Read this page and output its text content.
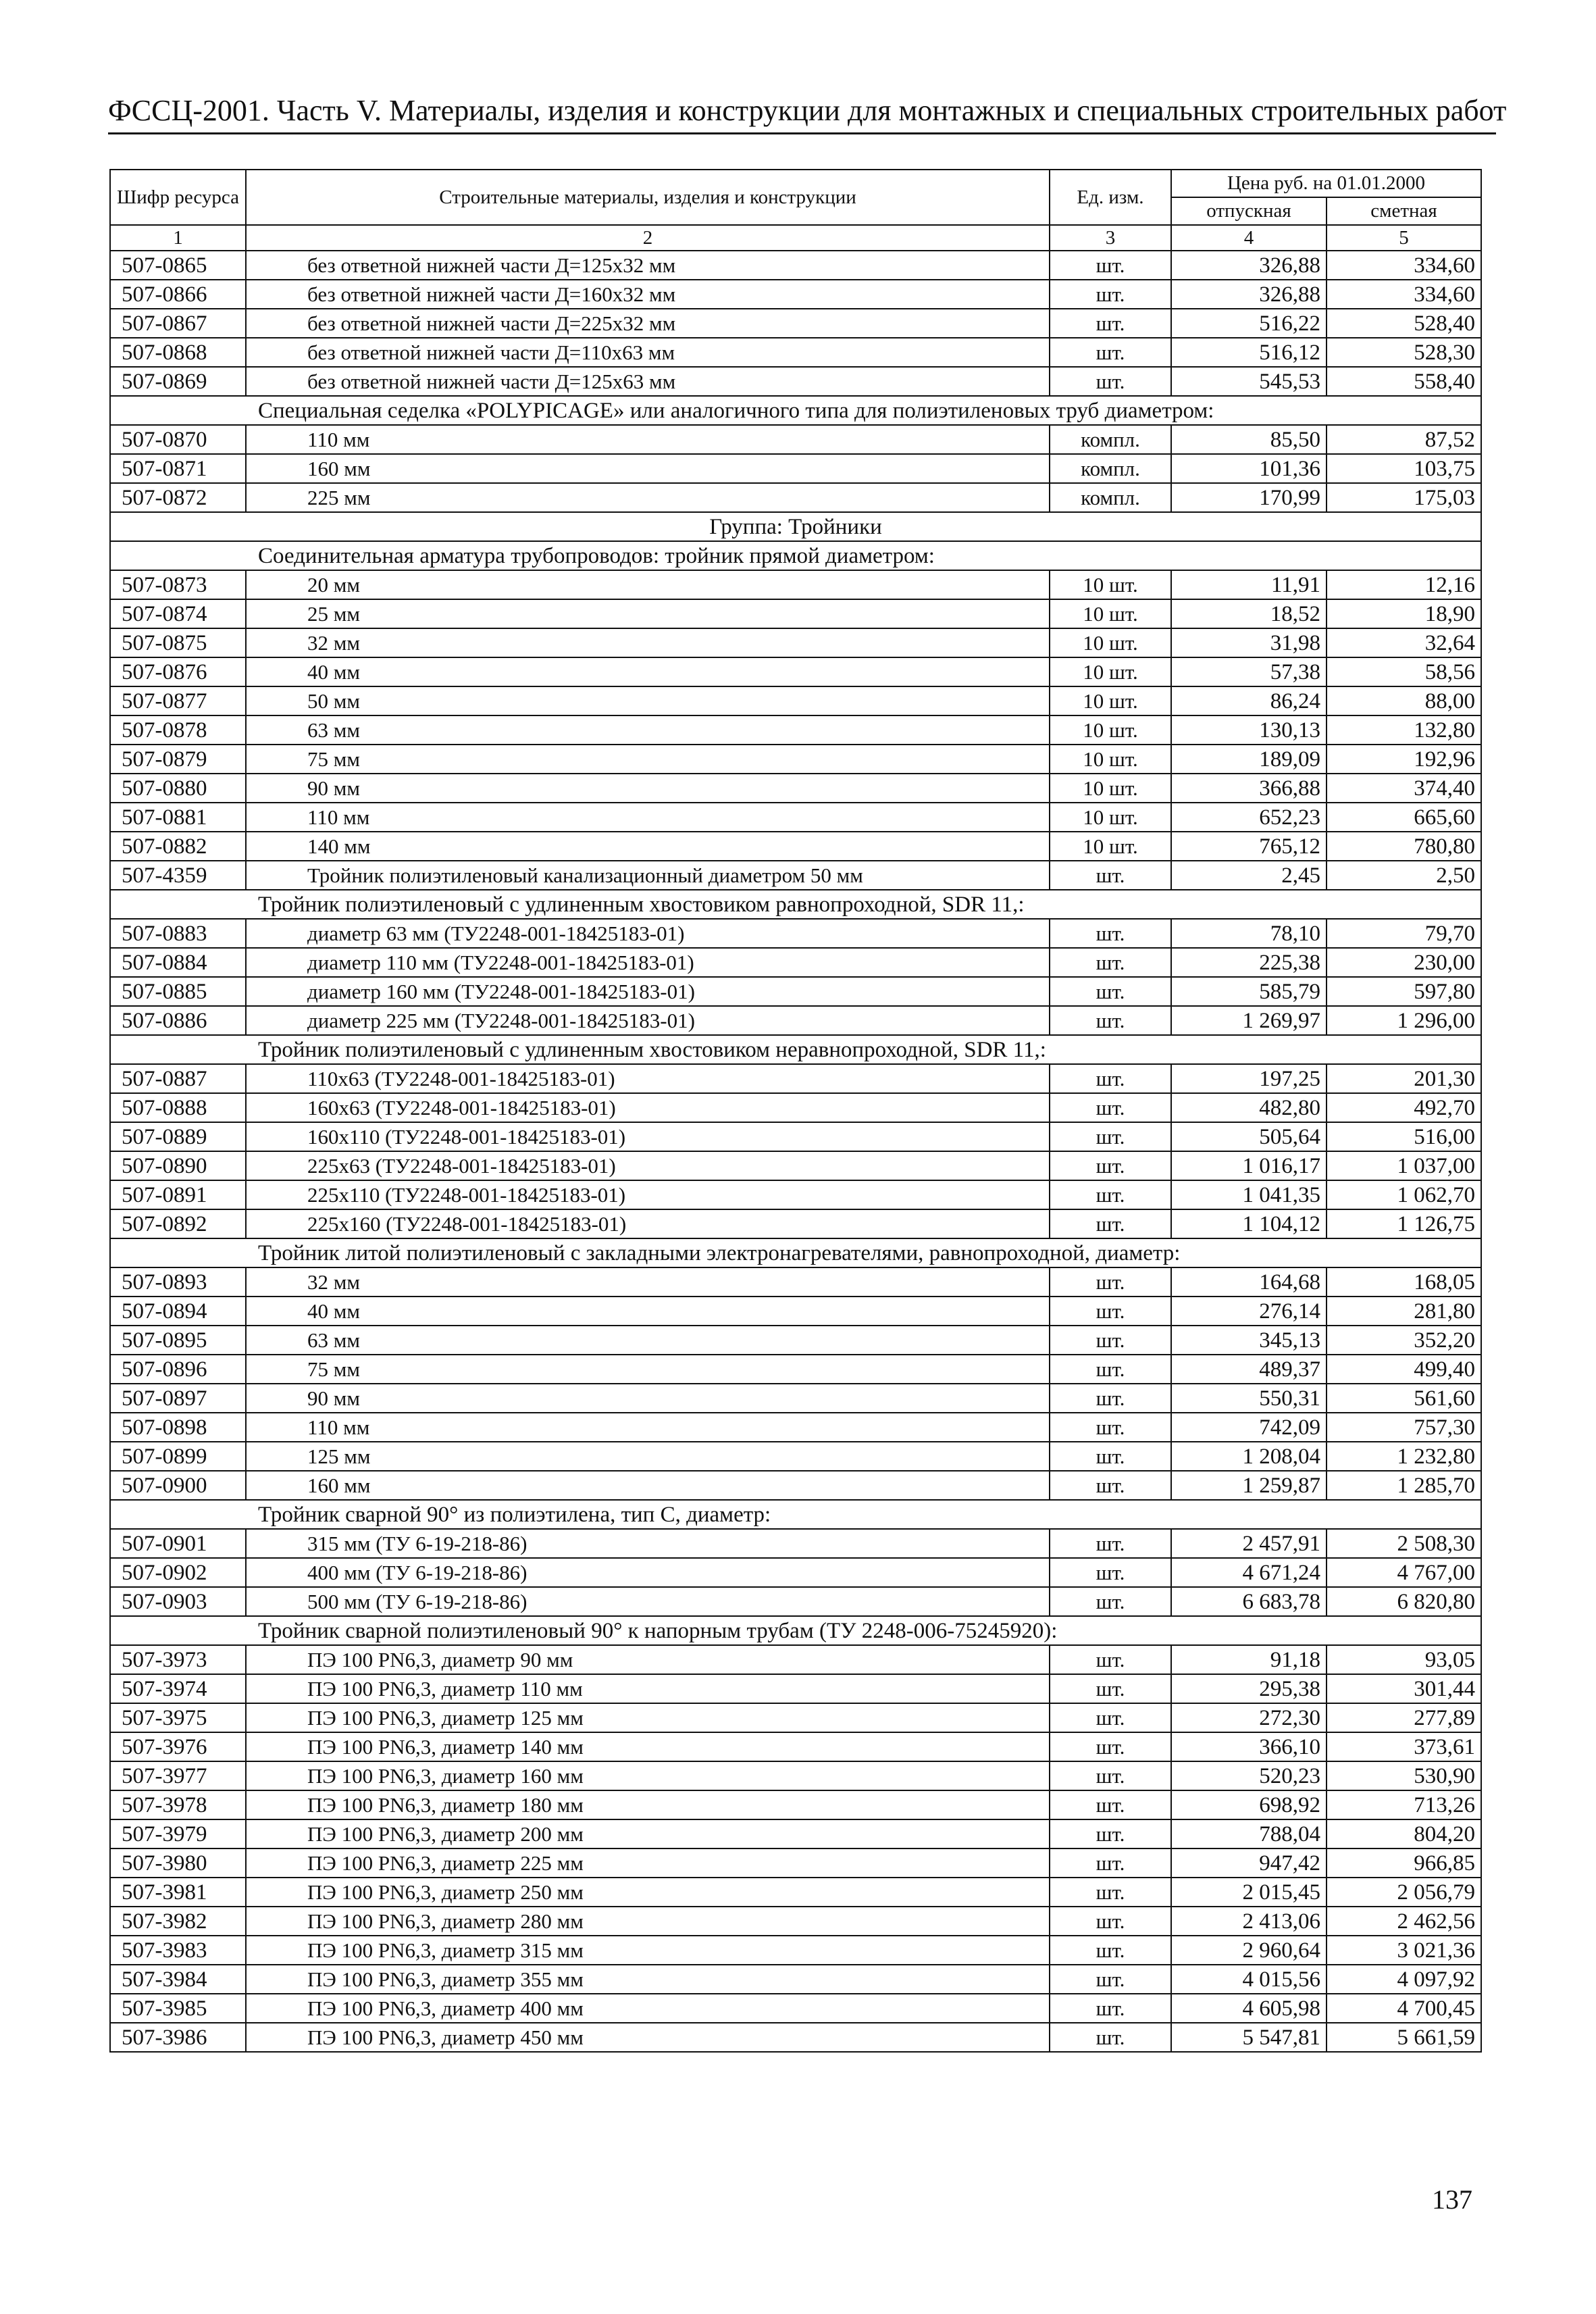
ФССЦ-2001. Часть V. Материалы, изделия и конструкции для монтажных и специальных строительных работ
Шифр ресурса	Строительные материалы, изделия и конструкции	Ед. изм.	Цена руб. на 01.01.2000	
			отпускная	сметная
1	2	3	4	5
507-0865	без ответной нижней части Д=125x32 мм	шт.	326,88	334,60
507-0866	без ответной нижней части Д=160x32 мм	шт.	326,88	334,60
507-0867	без ответной нижней части Д=225x32 мм	шт.	516,22	528,40
507-0868	без ответной нижней части Д=110x63 мм	шт.	516,12	528,30
507-0869	без ответной нижней части Д=125x63 мм	шт.	545,53	558,40
Специальная седелка «POLYPICAGE» или аналогичного типа для полиэтиленовых труб диаметром:				
507-0870	110 мм	компл.	85,50	87,52
507-0871	160 мм	компл.	101,36	103,75
507-0872	225 мм	компл.	170,99	175,03
Группа: Тройники				
Соединительная арматура трубопроводов: тройник прямой диаметром:				
507-0873	20 мм	10 шт.	11,91	12,16
507-0874	25 мм	10 шт.	18,52	18,90
507-0875	32 мм	10 шт.	31,98	32,64
507-0876	40 мм	10 шт.	57,38	58,56
507-0877	50 мм	10 шт.	86,24	88,00
507-0878	63 мм	10 шт.	130,13	132,80
507-0879	75 мм	10 шт.	189,09	192,96
507-0880	90 мм	10 шт.	366,88	374,40
507-0881	110 мм	10 шт.	652,23	665,60
507-0882	140 мм	10 шт.	765,12	780,80
507-4359	Тройник полиэтиленовый канализационный диаметром 50 мм	шт.	2,45	2,50
Тройник полиэтиленовый с удлиненным хвостовиком равнопроходной, SDR 11,:				
507-0883	диаметр 63 мм (ТУ2248-001-18425183-01)	шт.	78,10	79,70
507-0884	диаметр 110 мм (ТУ2248-001-18425183-01)	шт.	225,38	230,00
507-0885	диаметр 160 мм (ТУ2248-001-18425183-01)	шт.	585,79	597,80
507-0886	диаметр 225 мм (ТУ2248-001-18425183-01)	шт.	1 269,97	1 296,00
Тройник полиэтиленовый с удлиненным хвостовиком неравнопроходной, SDR 11,:				
507-0887	110x63 (ТУ2248-001-18425183-01)	шт.	197,25	201,30
507-0888	160x63 (ТУ2248-001-18425183-01)	шт.	482,80	492,70
507-0889	160x110 (ТУ2248-001-18425183-01)	шт.	505,64	516,00
507-0890	225x63 (ТУ2248-001-18425183-01)	шт.	1 016,17	1 037,00
507-0891	225x110 (ТУ2248-001-18425183-01)	шт.	1 041,35	1 062,70
507-0892	225x160 (ТУ2248-001-18425183-01)	шт.	1 104,12	1 126,75
Тройник литой полиэтиленовый с закладными электронагревателями, равнопроходной, диаметр:				
507-0893	32 мм	шт.	164,68	168,05
507-0894	40 мм	шт.	276,14	281,80
507-0895	63 мм	шт.	345,13	352,20
507-0896	75 мм	шт.	489,37	499,40
507-0897	90 мм	шт.	550,31	561,60
507-0898	110 мм	шт.	742,09	757,30
507-0899	125 мм	шт.	1 208,04	1 232,80
507-0900	160 мм	шт.	1 259,87	1 285,70
Тройник сварной 90° из полиэтилена, тип С, диаметр:				
507-0901	315 мм (ТУ 6-19-218-86)	шт.	2 457,91	2 508,30
507-0902	400 мм (ТУ 6-19-218-86)	шт.	4 671,24	4 767,00
507-0903	500 мм (ТУ 6-19-218-86)	шт.	6 683,78	6 820,80
Тройник сварной полиэтиленовый 90° к напорным трубам (ТУ 2248-006-75245920):				
507-3973	ПЭ 100 PN6,3, диаметр 90 мм	шт.	91,18	93,05
507-3974	ПЭ 100 PN6,3, диаметр 110 мм	шт.	295,38	301,44
507-3975	ПЭ 100 PN6,3, диаметр 125 мм	шт.	272,30	277,89
507-3976	ПЭ 100 PN6,3, диаметр 140 мм	шт.	366,10	373,61
507-3977	ПЭ 100 PN6,3, диаметр 160 мм	шт.	520,23	530,90
507-3978	ПЭ 100 PN6,3, диаметр 180 мм	шт.	698,92	713,26
507-3979	ПЭ 100 PN6,3, диаметр 200 мм	шт.	788,04	804,20
507-3980	ПЭ 100 PN6,3, диаметр 225 мм	шт.	947,42	966,85
507-3981	ПЭ 100 PN6,3, диаметр 250 мм	шт.	2 015,45	2 056,79
507-3982	ПЭ 100 PN6,3, диаметр 280 мм	шт.	2 413,06	2 462,56
507-3983	ПЭ 100 PN6,3, диаметр 315 мм	шт.	2 960,64	3 021,36
507-3984	ПЭ 100 PN6,3, диаметр 355 мм	шт.	4 015,56	4 097,92
507-3985	ПЭ 100 PN6,3, диаметр 400 мм	шт.	4 605,98	4 700,45
507-3986	ПЭ 100 PN6,3, диаметр 450 мм	шт.	5 547,81	5 661,59
137
